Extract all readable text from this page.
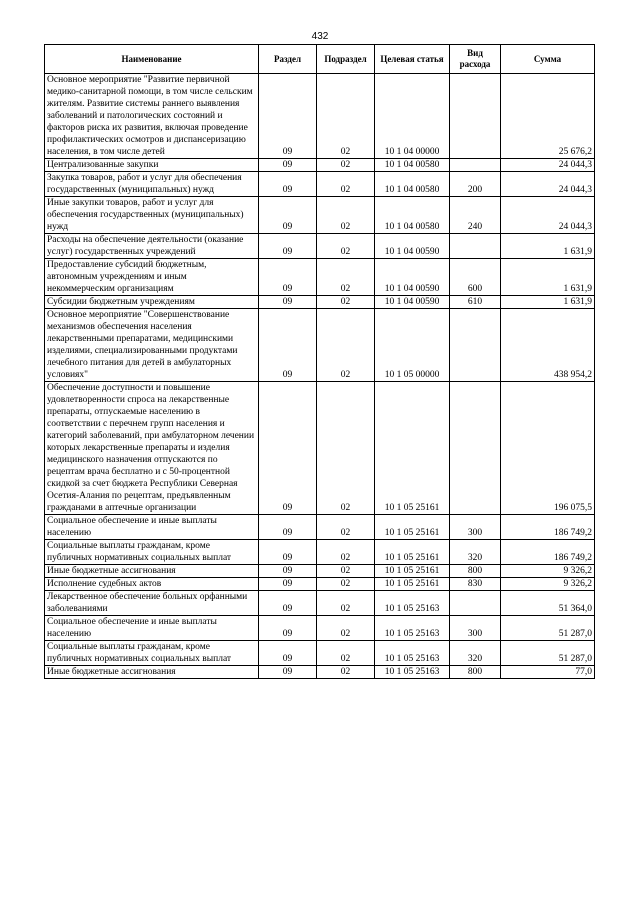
432
Наименование	Раздел	Подраздел	Целевая статья	Вид расхода	Сумма
Основное мероприятие "Развитие первичной медико-санитарной помощи, в том числе сельским жителям. Развитие системы раннего выявления заболеваний и патологических состояний и факторов риска их развития, включая проведение профилактических осмотров и диспансеризацию населения, в том числе детей	09	02	10 1 04 00000		25 676,2
Централизованные закупки	09	02	10 1 04 00580		24 044,3
Закупка товаров, работ и услуг для обеспечения государственных (муниципальных) нужд	09	02	10 1 04 00580	200	24 044,3
Иные закупки товаров, работ и услуг для обеспечения государственных (муниципальных) нужд	09	02	10 1 04 00580	240	24 044,3
Расходы на обеспечение деятельности (оказание услуг) государственных учреждений	09	02	10 1 04 00590		1 631,9
Предоставление субсидий бюджетным, автономным учреждениям и иным некоммерческим организациям	09	02	10 1 04 00590	600	1 631,9
Субсидии бюджетным учреждениям	09	02	10 1 04 00590	610	1 631,9
Основное мероприятие "Совершенствование механизмов обеспечения населения лекарственными препаратами, медицинскими изделиями, специализированными продуктами лечебного питания для детей в амбулаторных условиях"	09	02	10 1 05 00000		438 954,2
Обеспечение доступности и повышение удовлетворенности спроса на лекарственные препараты, отпускаемые населению в соответствии с перечнем групп населения и категорий заболеваний, при амбулаторном лечении которых лекарственные препараты и изделия медицинского назначения отпускаются по рецептам врача бесплатно и с 50-процентной скидкой за счет бюджета Республики Северная Осетия-Алания по рецептам, предъявленным гражданами в аптечные организации	09	02	10 1 05 25161		196 075,5
Социальное обеспечение и иные выплаты населению	09	02	10 1 05 25161	300	186 749,2
Социальные выплаты гражданам, кроме публичных нормативных социальных выплат	09	02	10 1 05 25161	320	186 749,2
Иные бюджетные ассигнования	09	02	10 1 05 25161	800	9 326,2
Исполнение судебных актов	09	02	10 1 05 25161	830	9 326,2
Лекарственное обеспечение больных орфанными заболеваниями	09	02	10 1 05 25163		51 364,0
Социальное обеспечение и иные выплаты населению	09	02	10 1 05 25163	300	51 287,0
Социальные выплаты гражданам, кроме публичных нормативных социальных выплат	09	02	10 1 05 25163	320	51 287,0
Иные бюджетные ассигнования	09	02	10 1 05 25163	800	77,0
